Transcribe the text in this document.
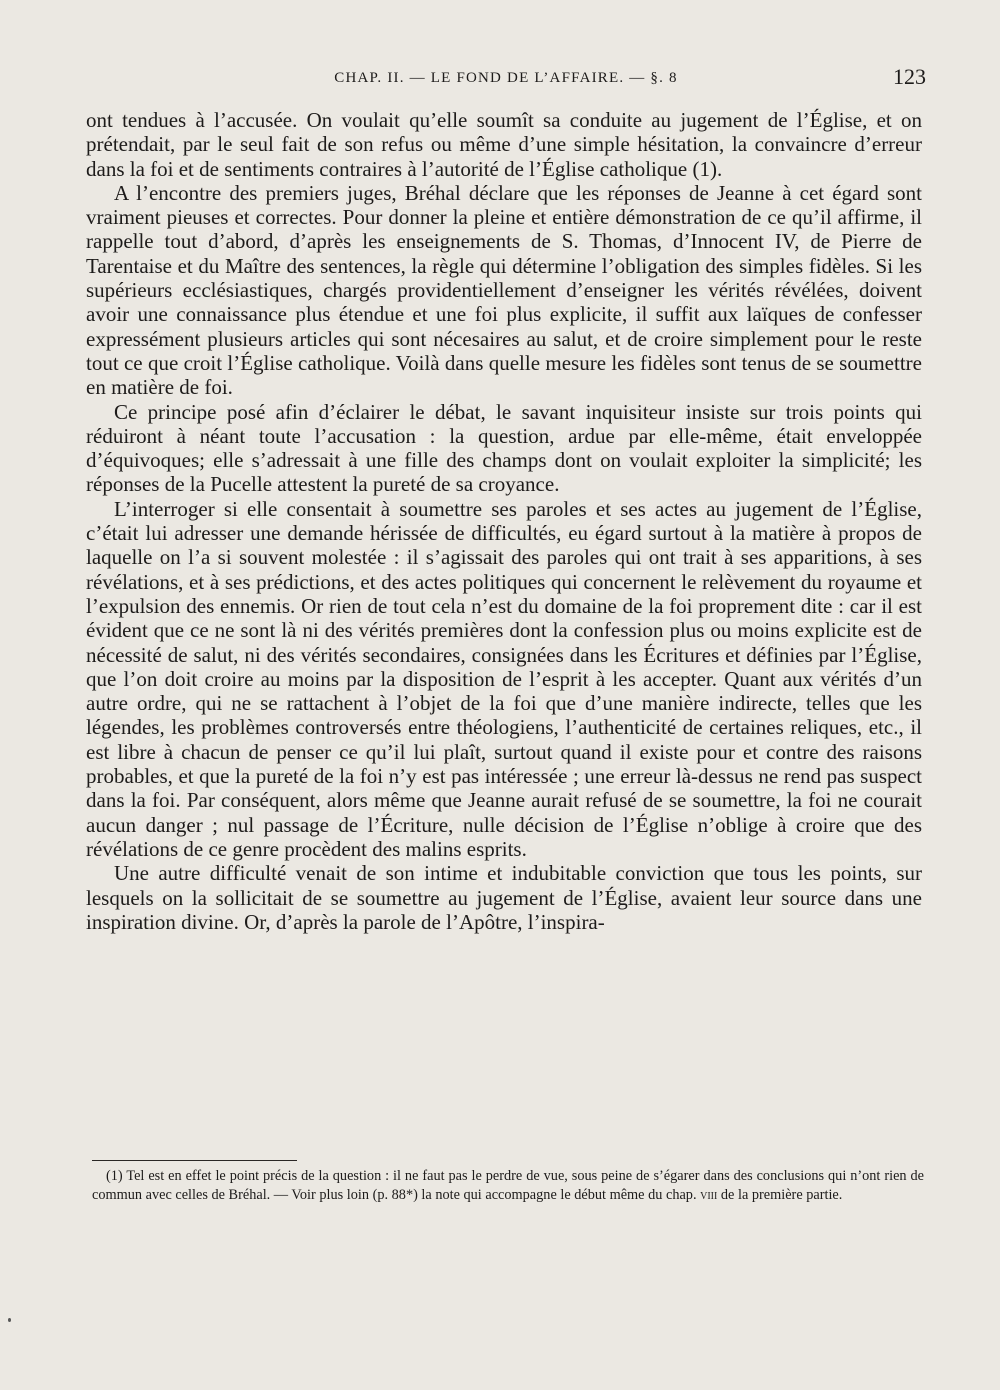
CHAP. II. — LE FOND DE L’AFFAIRE. — §. 8	123

ont tendues à l’accusée. On voulait qu’elle soumît sa conduite au jugement de l’Église, et on prétendait, par le seul fait de son refus ou même d’une simple hésitation, la convaincre d’erreur dans la foi et de sentiments contraires à l’autorité de l’Église catholique (1).

A l’encontre des premiers juges, Bréhal déclare que les réponses de Jeanne à cet égard sont vraiment pieuses et correctes. Pour donner la pleine et entière démonstration de ce qu’il affirme, il rappelle tout d’abord, d’après les enseignements de S. Thomas, d’Innocent IV, de Pierre de Tarentaise et du Maître des sentences, la règle qui détermine l’obligation des simples fidèles. Si les supérieurs ecclésiastiques, chargés providentiellement d’enseigner les vérités révélées, doivent avoir une connaissance plus étendue et une foi plus explicite, il suffit aux laïques de confesser expressément plusieurs articles qui sont nécesaires au salut, et de croire simplement pour le reste tout ce que croit l’Église catholique. Voilà dans quelle mesure les fidèles sont tenus de se soumettre en matière de foi.

Ce principe posé afin d’éclairer le débat, le savant inquisiteur insiste sur trois points qui réduiront à néant toute l’accusation : la question, ardue par elle-même, était enveloppée d’équivoques; elle s’adressait à une fille des champs dont on voulait exploiter la simplicité; les réponses de la Pucelle attestent la pureté de sa croyance.

L’interroger si elle consentait à soumettre ses paroles et ses actes au jugement de l’Église, c’était lui adresser une demande hérissée de difficultés, eu égard surtout à la matière à propos de laquelle on l’a si souvent molestée : il s’agissait des paroles qui ont trait à ses apparitions, à ses révélations, et à ses prédictions, et des actes politiques qui concernent le relèvement du royaume et l’expulsion des ennemis. Or rien de tout cela n’est du domaine de la foi proprement dite : car il est évident que ce ne sont là ni des vérités premières dont la confession plus ou moins explicite est de nécessité de salut, ni des vérités secondaires, consignées dans les Écritures et définies par l’Église, que l’on doit croire au moins par la disposition de l’esprit à les accepter. Quant aux vérités d’un autre ordre, qui ne se rattachent à l’objet de la foi que d’une manière indirecte, telles que les légendes, les problèmes controversés entre théologiens, l’authenticité de certaines reliques, etc., il est libre à chacun de penser ce qu’il lui plaît, surtout quand il existe pour et contre des raisons probables, et que la pureté de la foi n’y est pas intéressée ; une erreur là-dessus ne rend pas suspect dans la foi. Par conséquent, alors même que Jeanne aurait refusé de se soumettre, la foi ne courait aucun danger ; nul passage de l’Écriture, nulle décision de l’Église n’oblige à croire que des révélations de ce genre procèdent des malins esprits.

Une autre difficulté venait de son intime et indubitable conviction que tous les points, sur lesquels on la sollicitait de se soumettre au jugement de l’Église, avaient leur source dans une inspiration divine. Or, d’après la parole de l’Apôtre, l’inspira-

(1) Tel est en effet le point précis de la question : il ne faut pas le perdre de vue, sous peine de s’égarer dans des conclusions qui n’ont rien de commun avec celles de Bréhal. — Voir plus loin (p. 88*) la note qui accompagne le début même du chap. viii de la première partie.
